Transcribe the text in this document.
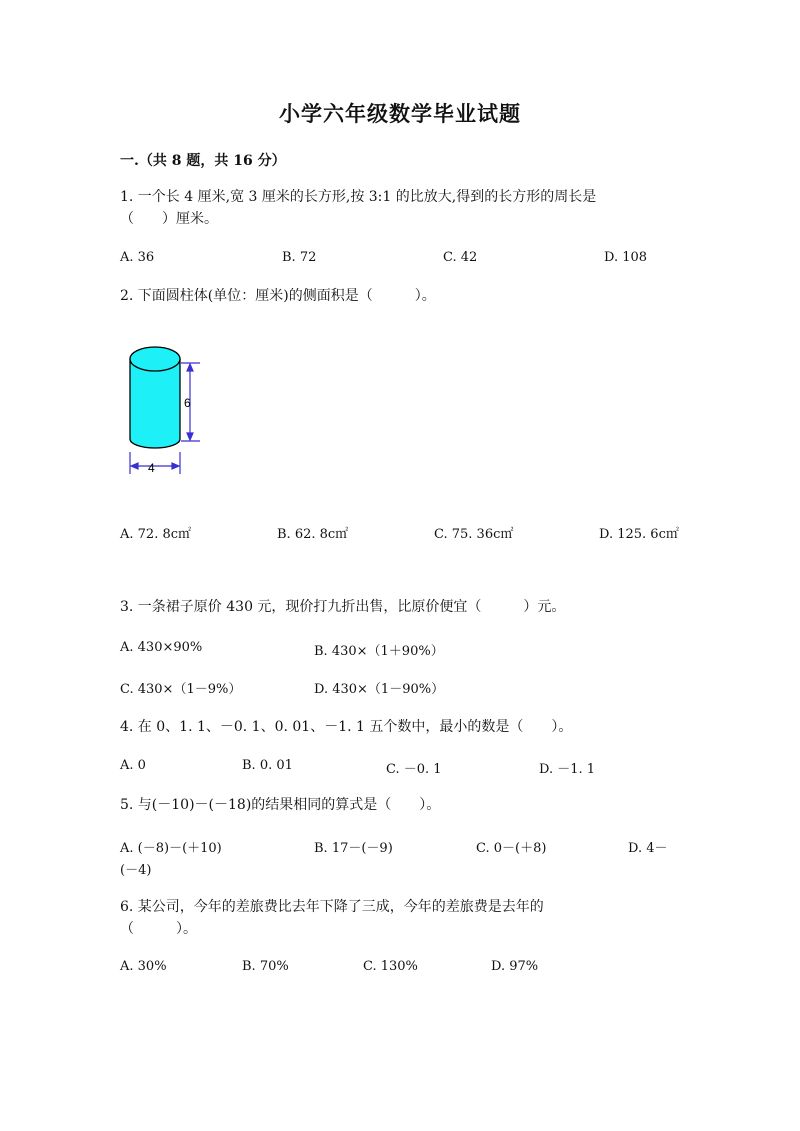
小学六年级数学毕业试题
一.（共 8 题，共 16 分）
1. 一个长 4 厘米,宽 3 厘米的长方形,按 3:1 的比放大,得到的长方形的周长是
（　　）厘米。
A. 36	B. 72	C. 42	D. 108
2. 下面圆柱体(单位：厘米)的侧面积是（　　　）。
6
4
A. 72. 8c㎡	B. 62. 8c㎡	C. 75. 36c㎡	D. 125. 6c㎡
3. 一条裙子原价 430 元，现价打九折出售，比原价便宜（　　　）元。
A. 430×90%	B. 430×（1＋90%）
C. 430×（1－9%）	D. 430×（1－90%）
4. 在 0、1. 1、－0. 1、0. 01、－1. 1 五个数中，最小的数是（　　）。
A. 0	B. 0. 01	C. －0. 1	D. －1. 1
5. 与(－10)－(－18)的结果相同的算式是（　　）。
A. (－8)－(＋10)	B. 17－(－9)	C. 0－(＋8)	D. 4－
(－4)
6. 某公司，今年的差旅费比去年下降了三成，今年的差旅费是去年的
（　　　）。
A. 30%	B. 70%	C. 130%	D. 97%
